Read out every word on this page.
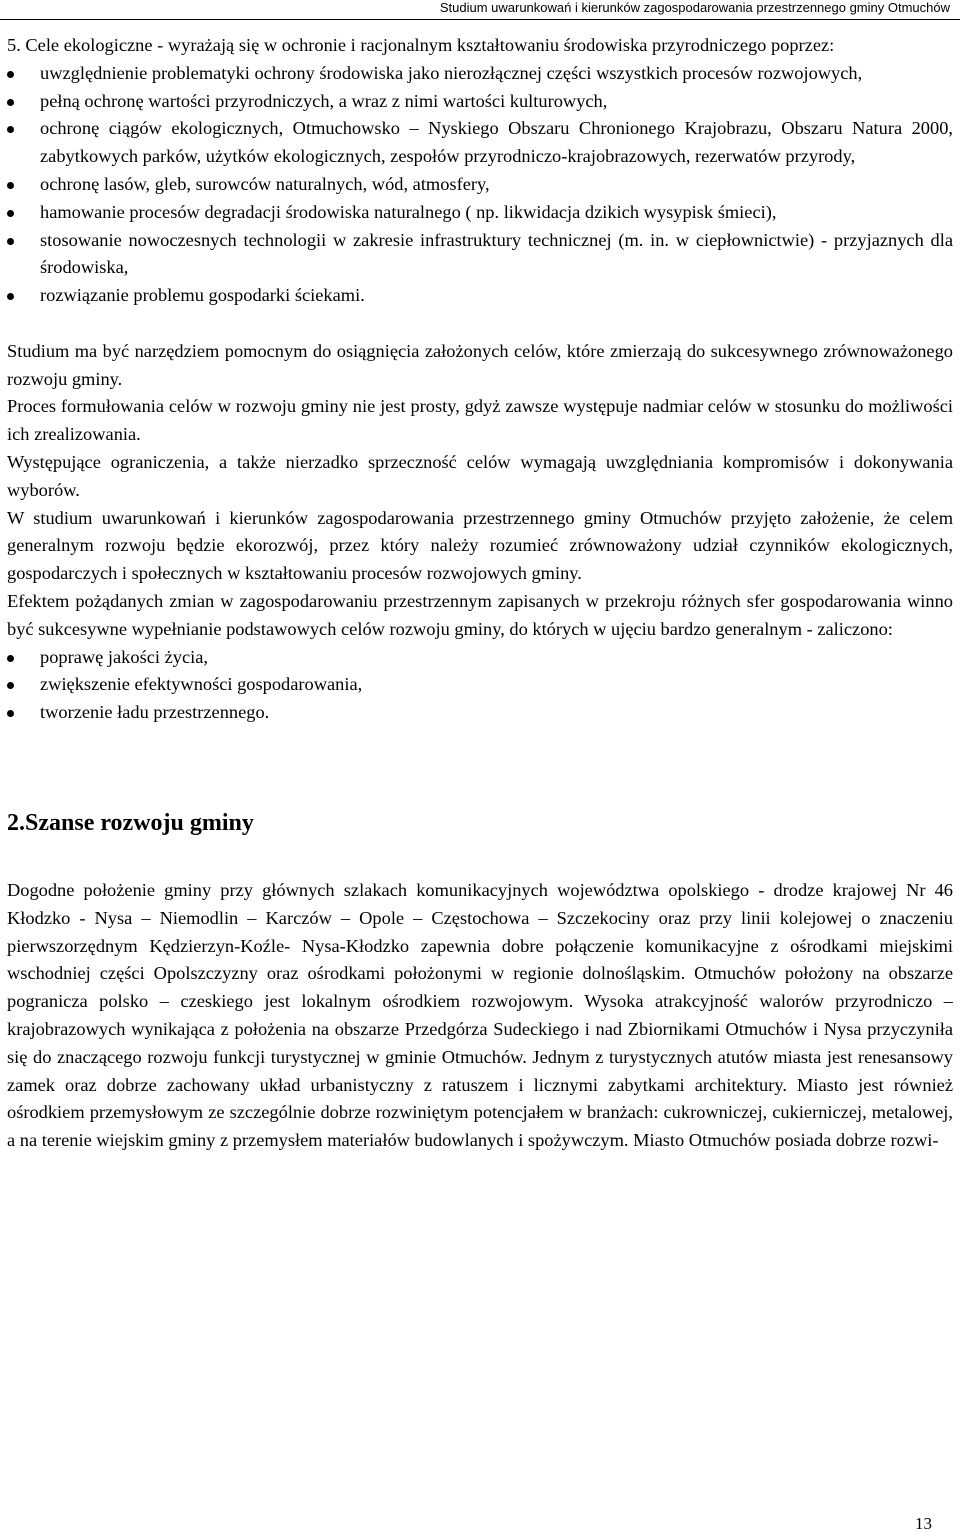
Studium uwarunkowań i kierunków zagospodarowania przestrzennego gminy Otmuchów

5. Cele ekologiczne - wyrażają się w ochronie i racjonalnym kształtowaniu środowiska przyrodniczego poprzez:

uwzględnienie problematyki ochrony środowiska jako nierozłącznej części wszystkich procesów rozwojowych,
pełną ochronę wartości przyrodniczych, a wraz z nimi wartości kulturowych,
ochronę ciągów ekologicznych, Otmuchowsko – Nyskiego Obszaru Chronionego Krajobrazu, Obszaru Natura 2000, zabytkowych parków, użytków ekologicznych, zespołów przyrodniczo-krajobrazowych, rezerwatów przyrody,
ochronę lasów, gleb, surowców naturalnych, wód, atmosfery,
hamowanie procesów degradacji środowiska naturalnego ( np. likwidacja dzikich wysypisk śmieci),
stosowanie nowoczesnych technologii w zakresie infrastruktury technicznej (m. in. w ciepłownictwie) - przyjaznych dla środowiska,
rozwiązanie problemu gospodarki ściekami.

Studium ma być narzędziem pomocnym do osiągnięcia założonych celów, które zmierzają do sukcesywnego zrównoważonego rozwoju gminy.

Proces formułowania celów w rozwoju gminy nie jest prosty, gdyż zawsze występuje nadmiar celów w stosunku do możliwości ich zrealizowania.

Występujące ograniczenia, a także nierzadko sprzeczność celów wymagają uwzględniania kompromisów i dokonywania wyborów.

W studium uwarunkowań i kierunków zagospodarowania przestrzennego gminy Otmuchów przyjęto założenie, że celem generalnym rozwoju będzie ekorozwój, przez który należy rozumieć zrównoważony udział czynników ekologicznych, gospodarczych i społecznych w kształtowaniu procesów rozwojowych gminy.

Efektem pożądanych zmian w zagospodarowaniu przestrzennym zapisanych w przekroju różnych sfer gospodarowania winno być sukcesywne wypełnianie podstawowych celów rozwoju gminy, do których w ujęciu bardzo generalnym - zaliczono:

poprawę jakości życia,
zwiększenie efektywności gospodarowania,
tworzenie ładu przestrzennego.
2.Szanse rozwoju gminy

Dogodne położenie gminy przy głównych szlakach komunikacyjnych województwa opolskiego - drodze krajowej Nr 46 Kłodzko - Nysa – Niemodlin – Karczów – Opole – Częstochowa – Szczekociny oraz przy linii kolejowej o znaczeniu pierwszorzędnym Kędzierzyn-Koźle- Nysa-Kłodzko zapewnia dobre połączenie komunikacyjne z ośrodkami miejskimi wschodniej części Opolszczyzny oraz ośrodkami położonymi w regionie dolnośląskim. Otmuchów położony na obszarze pogranicza polsko – czeskiego jest lokalnym ośrodkiem rozwojowym. Wysoka atrakcyjność walorów przyrodniczo – krajobrazowych wynikająca z położenia na obszarze Przedgórza Sudeckiego i nad Zbiornikami Otmuchów i Nysa przyczyniła się do znaczącego rozwoju funkcji turystycznej w gminie Otmuchów. Jednym z turystycznych atutów miasta jest renesansowy zamek oraz dobrze zachowany układ urbanistyczny z ratuszem i licznymi zabytkami architektury. Miasto jest również ośrodkiem przemysłowym ze szczególnie dobrze rozwiniętym potencjałem w branżach: cukrowniczej, cukierniczej, metalowej, a na terenie wiejskim gminy z przemysłem materiałów budowlanych i spożywczym. Miasto Otmuchów posiada dobrze rozwi-

13
